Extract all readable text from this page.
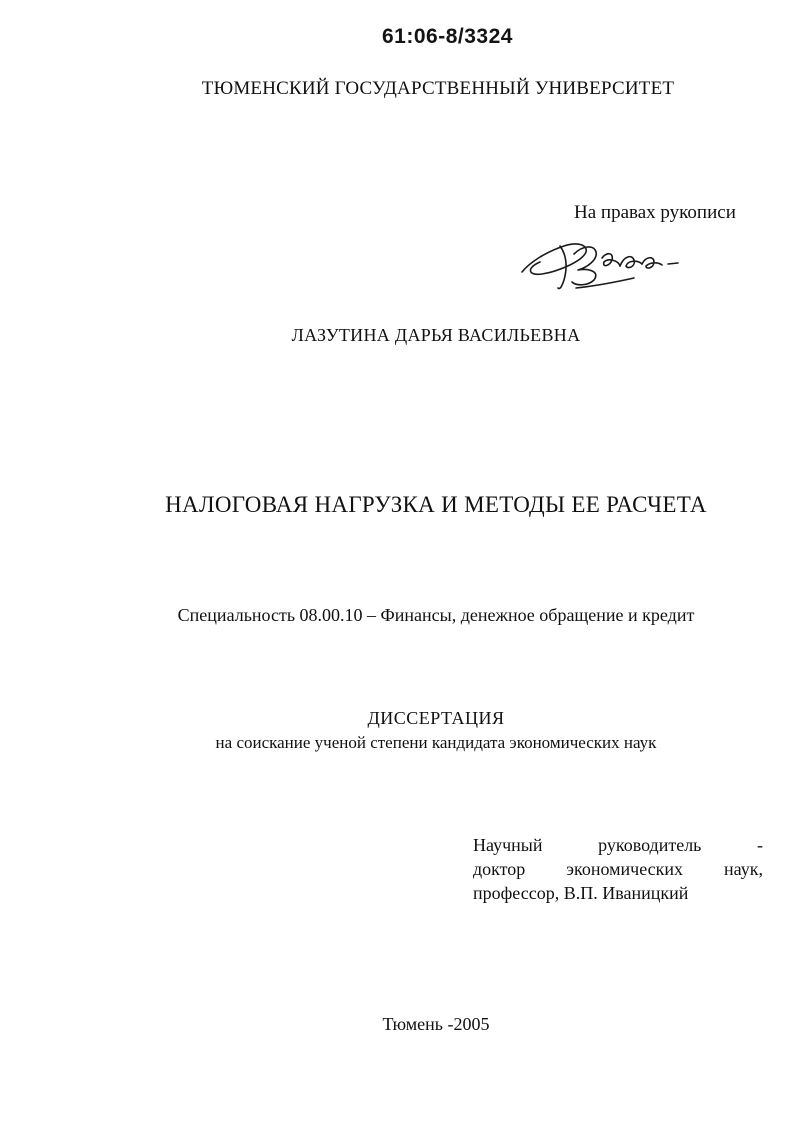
61:06-8/3324
ТЮМЕНСКИЙ ГОСУДАРСТВЕННЫЙ УНИВЕРСИТЕТ
На правах рукописи
ЛАЗУТИНА ДАРЬЯ ВАСИЛЬЕВНА
НАЛОГОВАЯ НАГРУЗКА И МЕТОДЫ ЕЕ РАСЧЕТА
Специальность 08.00.10 – Финансы, денежное обращение и кредит
ДИССЕРТАЦИЯ
на соискание ученой степени кандидата экономических наук
Научный	руководитель	-
доктор экономических наук,
профессор, В.П. Иваницкий
Тюмень -2005
